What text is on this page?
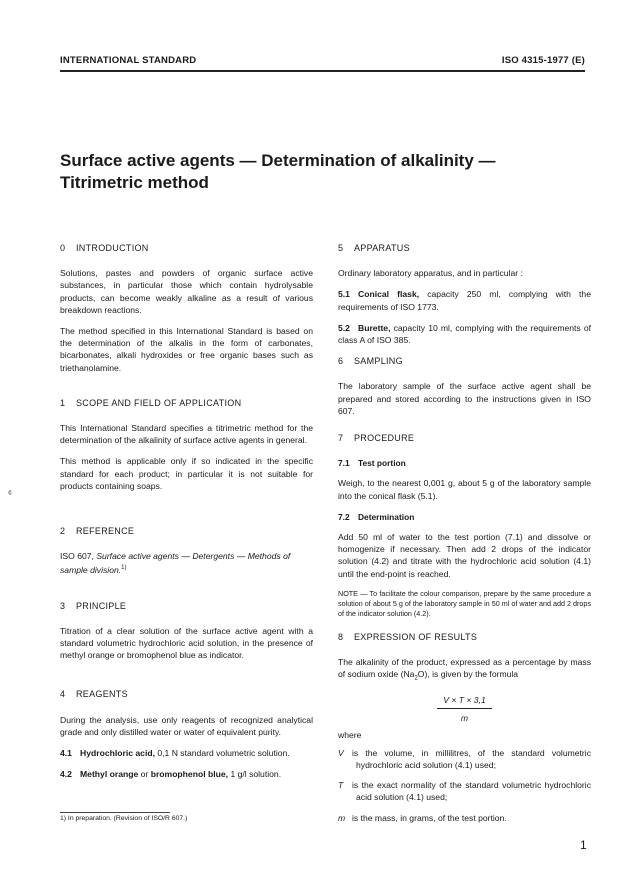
INTERNATIONAL STANDARD	ISO 4315-1977 (E)
Surface active agents — Determination of alkalinity —
Titrimetric method
¢
0 INTRODUCTION

Solutions, pastes and powders of organic surface active substances, in particular those which contain hydrolysable products, can become weakly alkaline as a result of various breakdown reactions.

The method specified in this International Standard is based on the determination of the alkalis in the form of carbonates, bicarbonates, alkali hydroxides or free organic bases such as triethanolamine.

1 SCOPE AND FIELD OF APPLICATION

This International Standard specifies a titrimetric method for the determination of the alkalinity of surface active agents in general.

This method is applicable only if so indicated in the specific standard for each product; in particular it is not suitable for products containing soaps.

2 REFERENCE

ISO 607, Surface active agents — Detergents — Methods of sample division.$^{1)}$

3 PRINCIPLE

Titration of a clear solution of the surface active agent with a standard volumetric hydrochloric acid solution, in the presence of methyl orange or bromophenol blue as indicator.

4 REAGENTS

During the analysis, use only reagents of recognized analytical grade and only distilled water or water of equivalent purity.

4.1 Hydrochloric acid, 0,1 N standard volumetric solution.

4.2 Methyl orange or bromophenol blue, 1 g/l solution.

5 APPARATUS

Ordinary laboratory apparatus, and in particular :

5.1 Conical flask, capacity 250 ml, complying with the requirements of ISO 1773.

5.2 Burette, capacity 10 ml, complying with the requirements of class A of ISO 385.

6 SAMPLING

The laboratory sample of the surface active agent shall be prepared and stored according to the instructions given in ISO 607.

7 PROCEDURE
7.1 Test portion

Weigh, to the nearest 0,001 g, about 5 g of the laboratory sample into the conical flask (5.1).

7.2 Determination

Add 50 ml of water to the test portion (7.1) and dissolve or homogenize if necessary. Then add 2 drops of the indicator solution (4.2) and titrate with the hydrochloric acid solution (4.1) until the end-point is reached.

NOTE — To facilitate the colour comparison, prepare by the same procedure a solution of about 5 g of the laboratory sample in 50 ml of water and add 2 drops of the indicator solution (4.2).

8 EXPRESSION OF RESULTS

The alkalinity of the product, expressed as a percentage by mass of sodium oxide $(Na_2O)$, is given by the formula

V × T × 3,1
m
where
V is the volume, in millilitres, of the standard volumetric hydrochloric acid solution (4.1) used;
T is the exact normality of the standard volumetric hydrochloric acid solution (4.1) used;
m is the mass, in grams, of the test portion.
1) In preparation. (Revision of ISO/R 607.)
1
